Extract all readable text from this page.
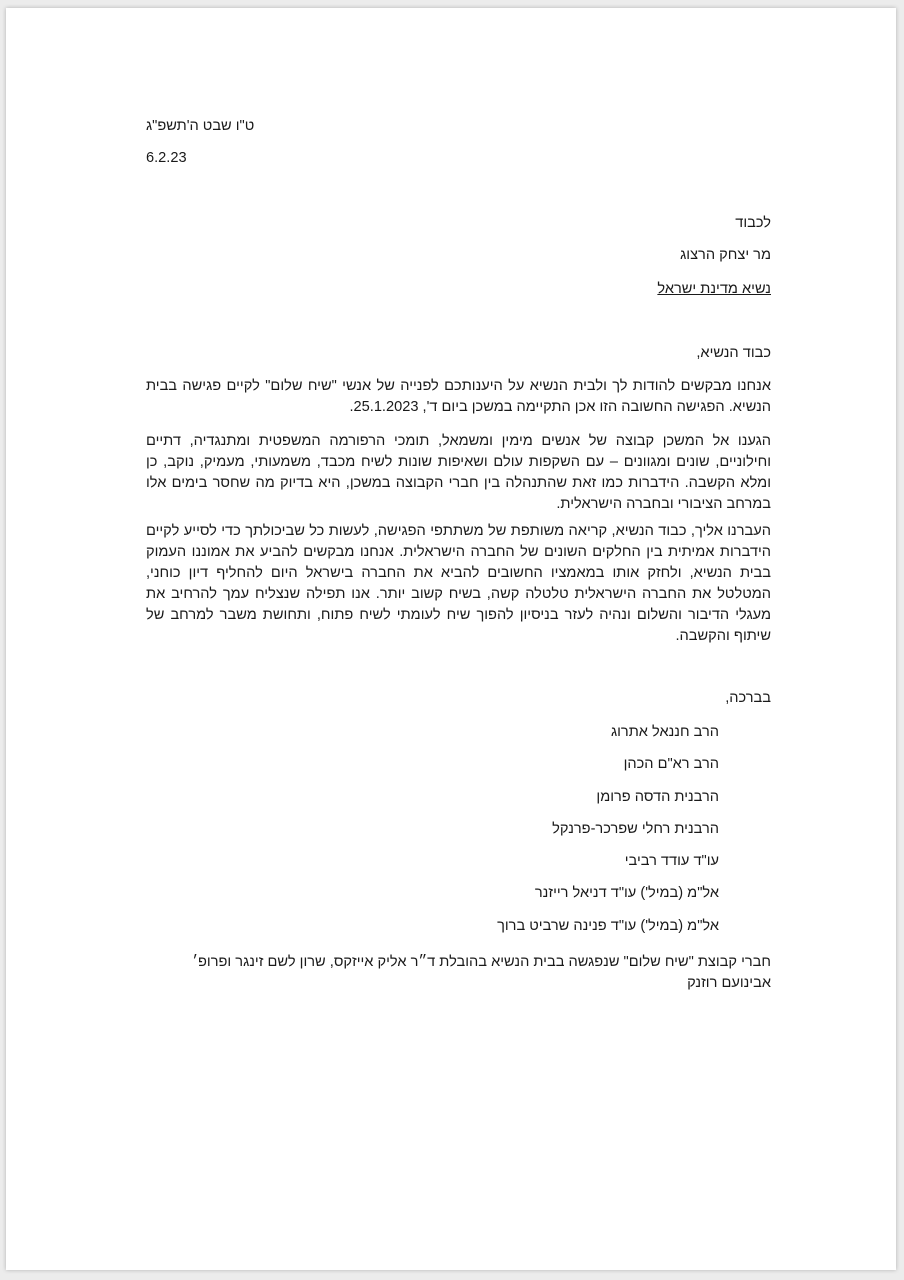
ט"ו שבט ה'תשפ"ג
6.2.23
לכבוד
מר יצחק הרצוג
נשיא מדינת ישראל
כבוד הנשיא,

אנחנו מבקשים להודות לך ולבית הנשיא על היענותכם לפנייה של אנשי "שיח שלום" לקיים פגישה בבית הנשיא. הפגישה החשובה הזו אכן התקיימה במשכן ביום ד', 25.1.2023.

הגענו אל המשכן קבוצה של אנשים מימין ומשמאל, תומכי הרפורמה המשפטית ומתנגדיה, דתיים וחילוניים, שונים ומגוונים – עם השקפות עולם ושאיפות שונות לשיח מכבד, משמעותי, מעמיק, נוקב, כן ומלא הקשבה. הידברות כמו זאת שהתנהלה בין חברי הקבוצה במשכן, היא בדיוק מה שחסר בימים אלו במרחב הציבורי ובחברה הישראלית.

העברנו אליך, כבוד הנשיא, קריאה משותפת של משתתפי הפגישה, לעשות כל שביכולתך כדי לסייע לקיים הידברות אמיתית בין החלקים השונים של החברה הישראלית. אנחנו מבקשים להביע את אמוננו העמוק בבית הנשיא, ולחזק אותו במאמציו החשובים להביא את החברה בישראל היום להחליף דיון כוחני, המטלטל את החברה הישראלית טלטלה קשה, בשיח קשוב יותר. אנו תפילה שנצליח עמך להרחיב את מעגלי הדיבור והשלום ונהיה לעזר בניסיון להפוך שיח לעומתי לשיח פתוח, ותחושת משבר למרחב של שיתוף והקשבה.

בברכה,
הרב חננאל אתרוג
הרב רא"ם הכהן
הרבנית הדסה פרומן
הרבנית רחלי שפרכר-פרנקל
עו"ד עודד רביבי
אל"מ (במיל') עו"ד דניאל רייזנר
אל"מ (במיל') עו"ד פנינה שרביט ברוך

חברי קבוצת "שיח שלום" שנפגשה בבית הנשיא בהובלת ד״ר אליק אייזקס, שרון לשם זינגר ופרופ׳ אבינועם רוזנק
